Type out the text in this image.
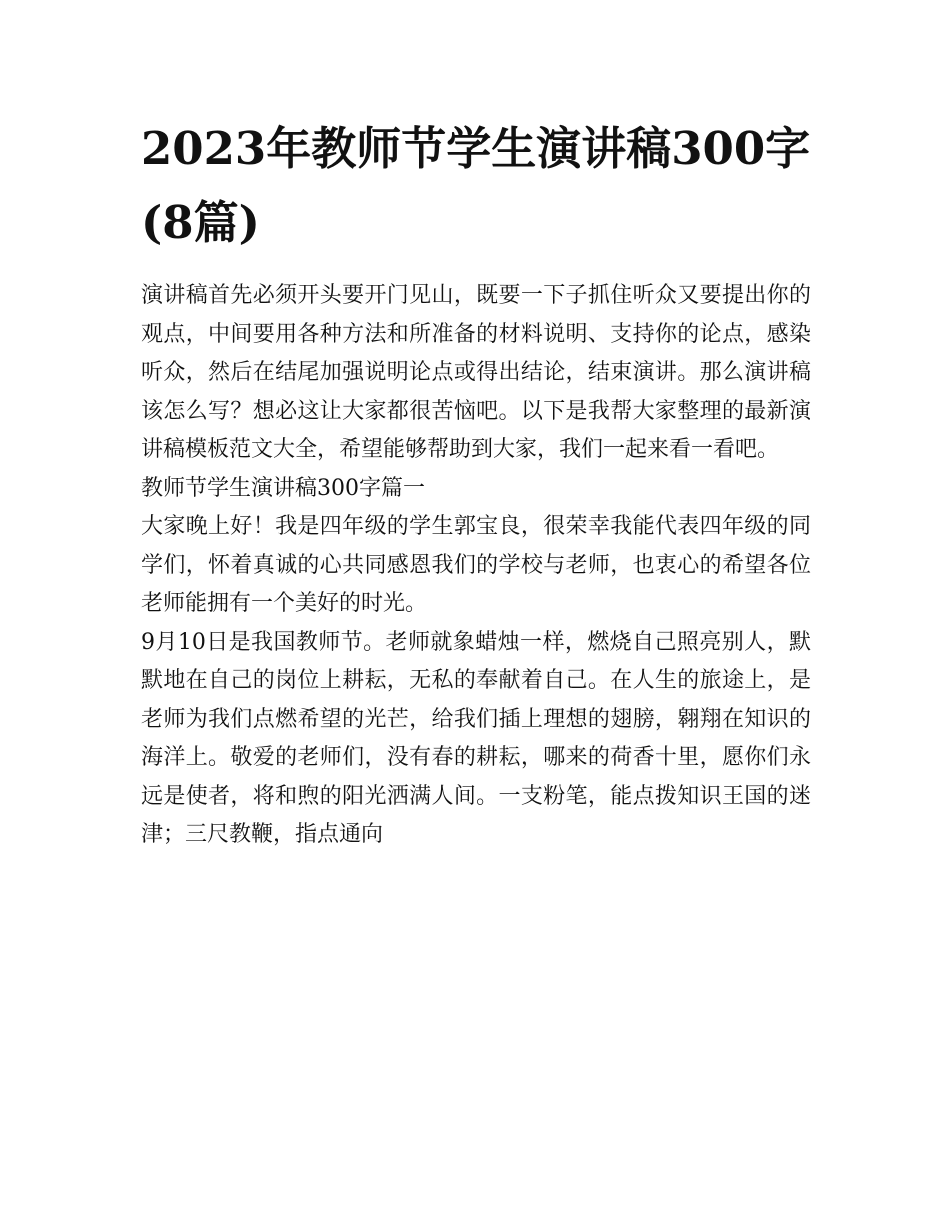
2023年教师节学生演讲稿300字(8篇)

演讲稿首先必须开头要开门见山，既要一下子抓住听众又要提出你的观点，中间要用各种方法和所准备的材料说明、支持你的论点，感染听众，然后在结尾加强说明论点或得出结论，结束演讲。那么演讲稿该怎么写？想必这让大家都很苦恼吧。以下是我帮大家整理的最新演讲稿模板范文大全，希望能够帮助到大家，我们一起来看一看吧。

教师节学生演讲稿300字篇一

大家晚上好！我是四年级的学生郭宝良，很荣幸我能代表四年级的同学们，怀着真诚的心共同感恩我们的学校与老师，也衷心的希望各位老师能拥有一个美好的时光。

9月10日是我国教师节。老师就象蜡烛一样，燃烧自己照亮别人，默默地在自己的岗位上耕耘，无私的奉献着自己。在人生的旅途上，是老师为我们点燃希望的光芒，给我们插上理想的翅膀，翱翔在知识的海洋上。敬爱的老师们，没有春的耕耘，哪来的荷香十里，愿你们永远是使者，将和煦的阳光洒满人间。一支粉笔，能点拨知识王国的迷津；三尺教鞭，指点通向
